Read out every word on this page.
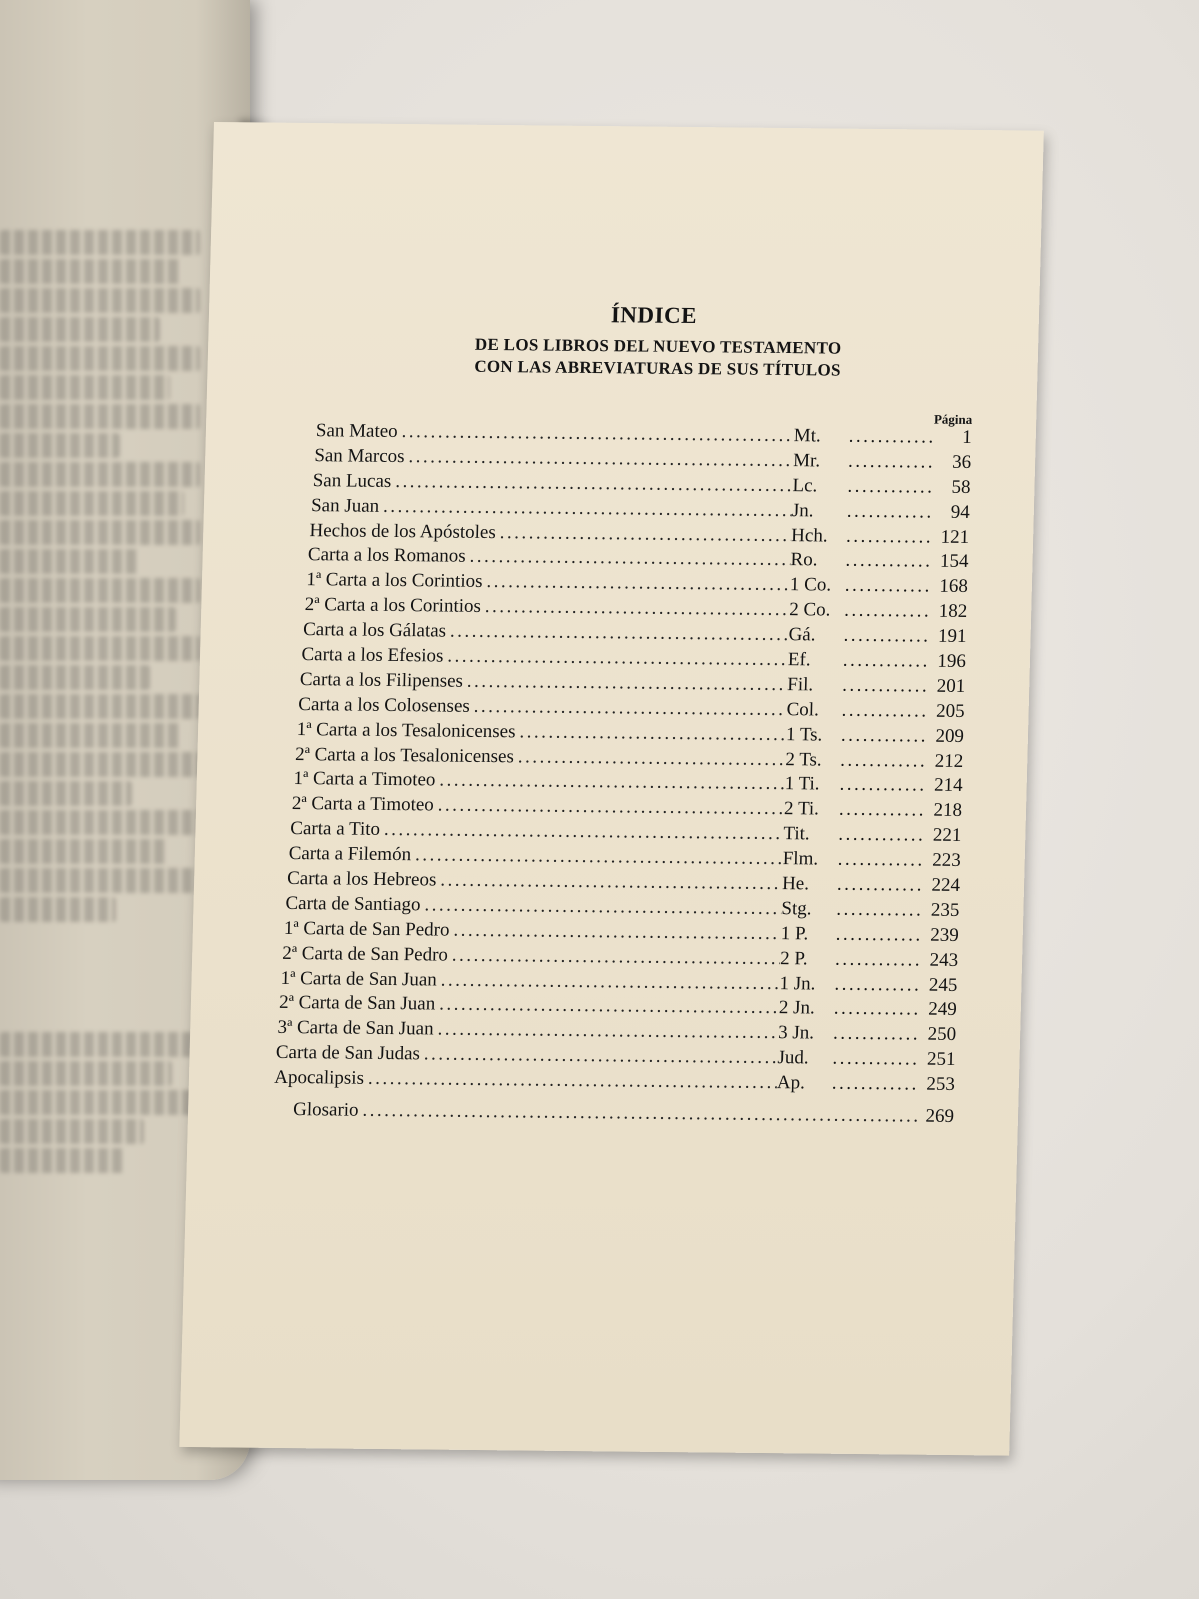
ÍNDICE
DE LOS LIBROS DEL NUEVO TESTAMENTO
CON LAS ABREVIATURAS DE SUS TÍTULOS
Página
San Mateo .....	Mt. .....	1
San Marcos .....	Mr. .....	36
San Lucas .....	Lc. .....	58
San Juan .....	Jn. .....	94
Hechos de los Apóstoles .....	Hch. .....	121
Carta a los Romanos .....	Ro. .....	154
1ª Carta a los Corintios .....	1 Co. .....	168
2ª Carta a los Corintios .....	2 Co. .....	182
Carta a los Gálatas .....	Gá. .....	191
Carta a los Efesios .....	Ef. .....	196
Carta a los Filipenses .....	Fil. .....	201
Carta a los Colosenses .....	Col. .....	205
1ª Carta a los Tesalonicenses .....	1 Ts. .....	209
2ª Carta a los Tesalonicenses .....	2 Ts. .....	212
1ª Carta a Timoteo .....	1 Ti. .....	214
2ª Carta a Timoteo .....	2 Ti. .....	218
Carta a Tito .....	Tit. .....	221
Carta a Filemón .....	Flm. .....	223
Carta a los Hebreos .....	He. .....	224
Carta de Santiago .....	Stg. .....	235
1ª Carta de San Pedro .....	1 P. .....	239
2ª Carta de San Pedro .....	2 P. .....	243
1ª Carta de San Juan .....	1 Jn. .....	245
2ª Carta de San Juan .....	2 Jn. .....	249
3ª Carta de San Juan .....	3 Jn. .....	250
Carta de San Judas .....	Jud. .....	251
Apocalipsis .....	Ap. .....	253
Glosario .....	269
